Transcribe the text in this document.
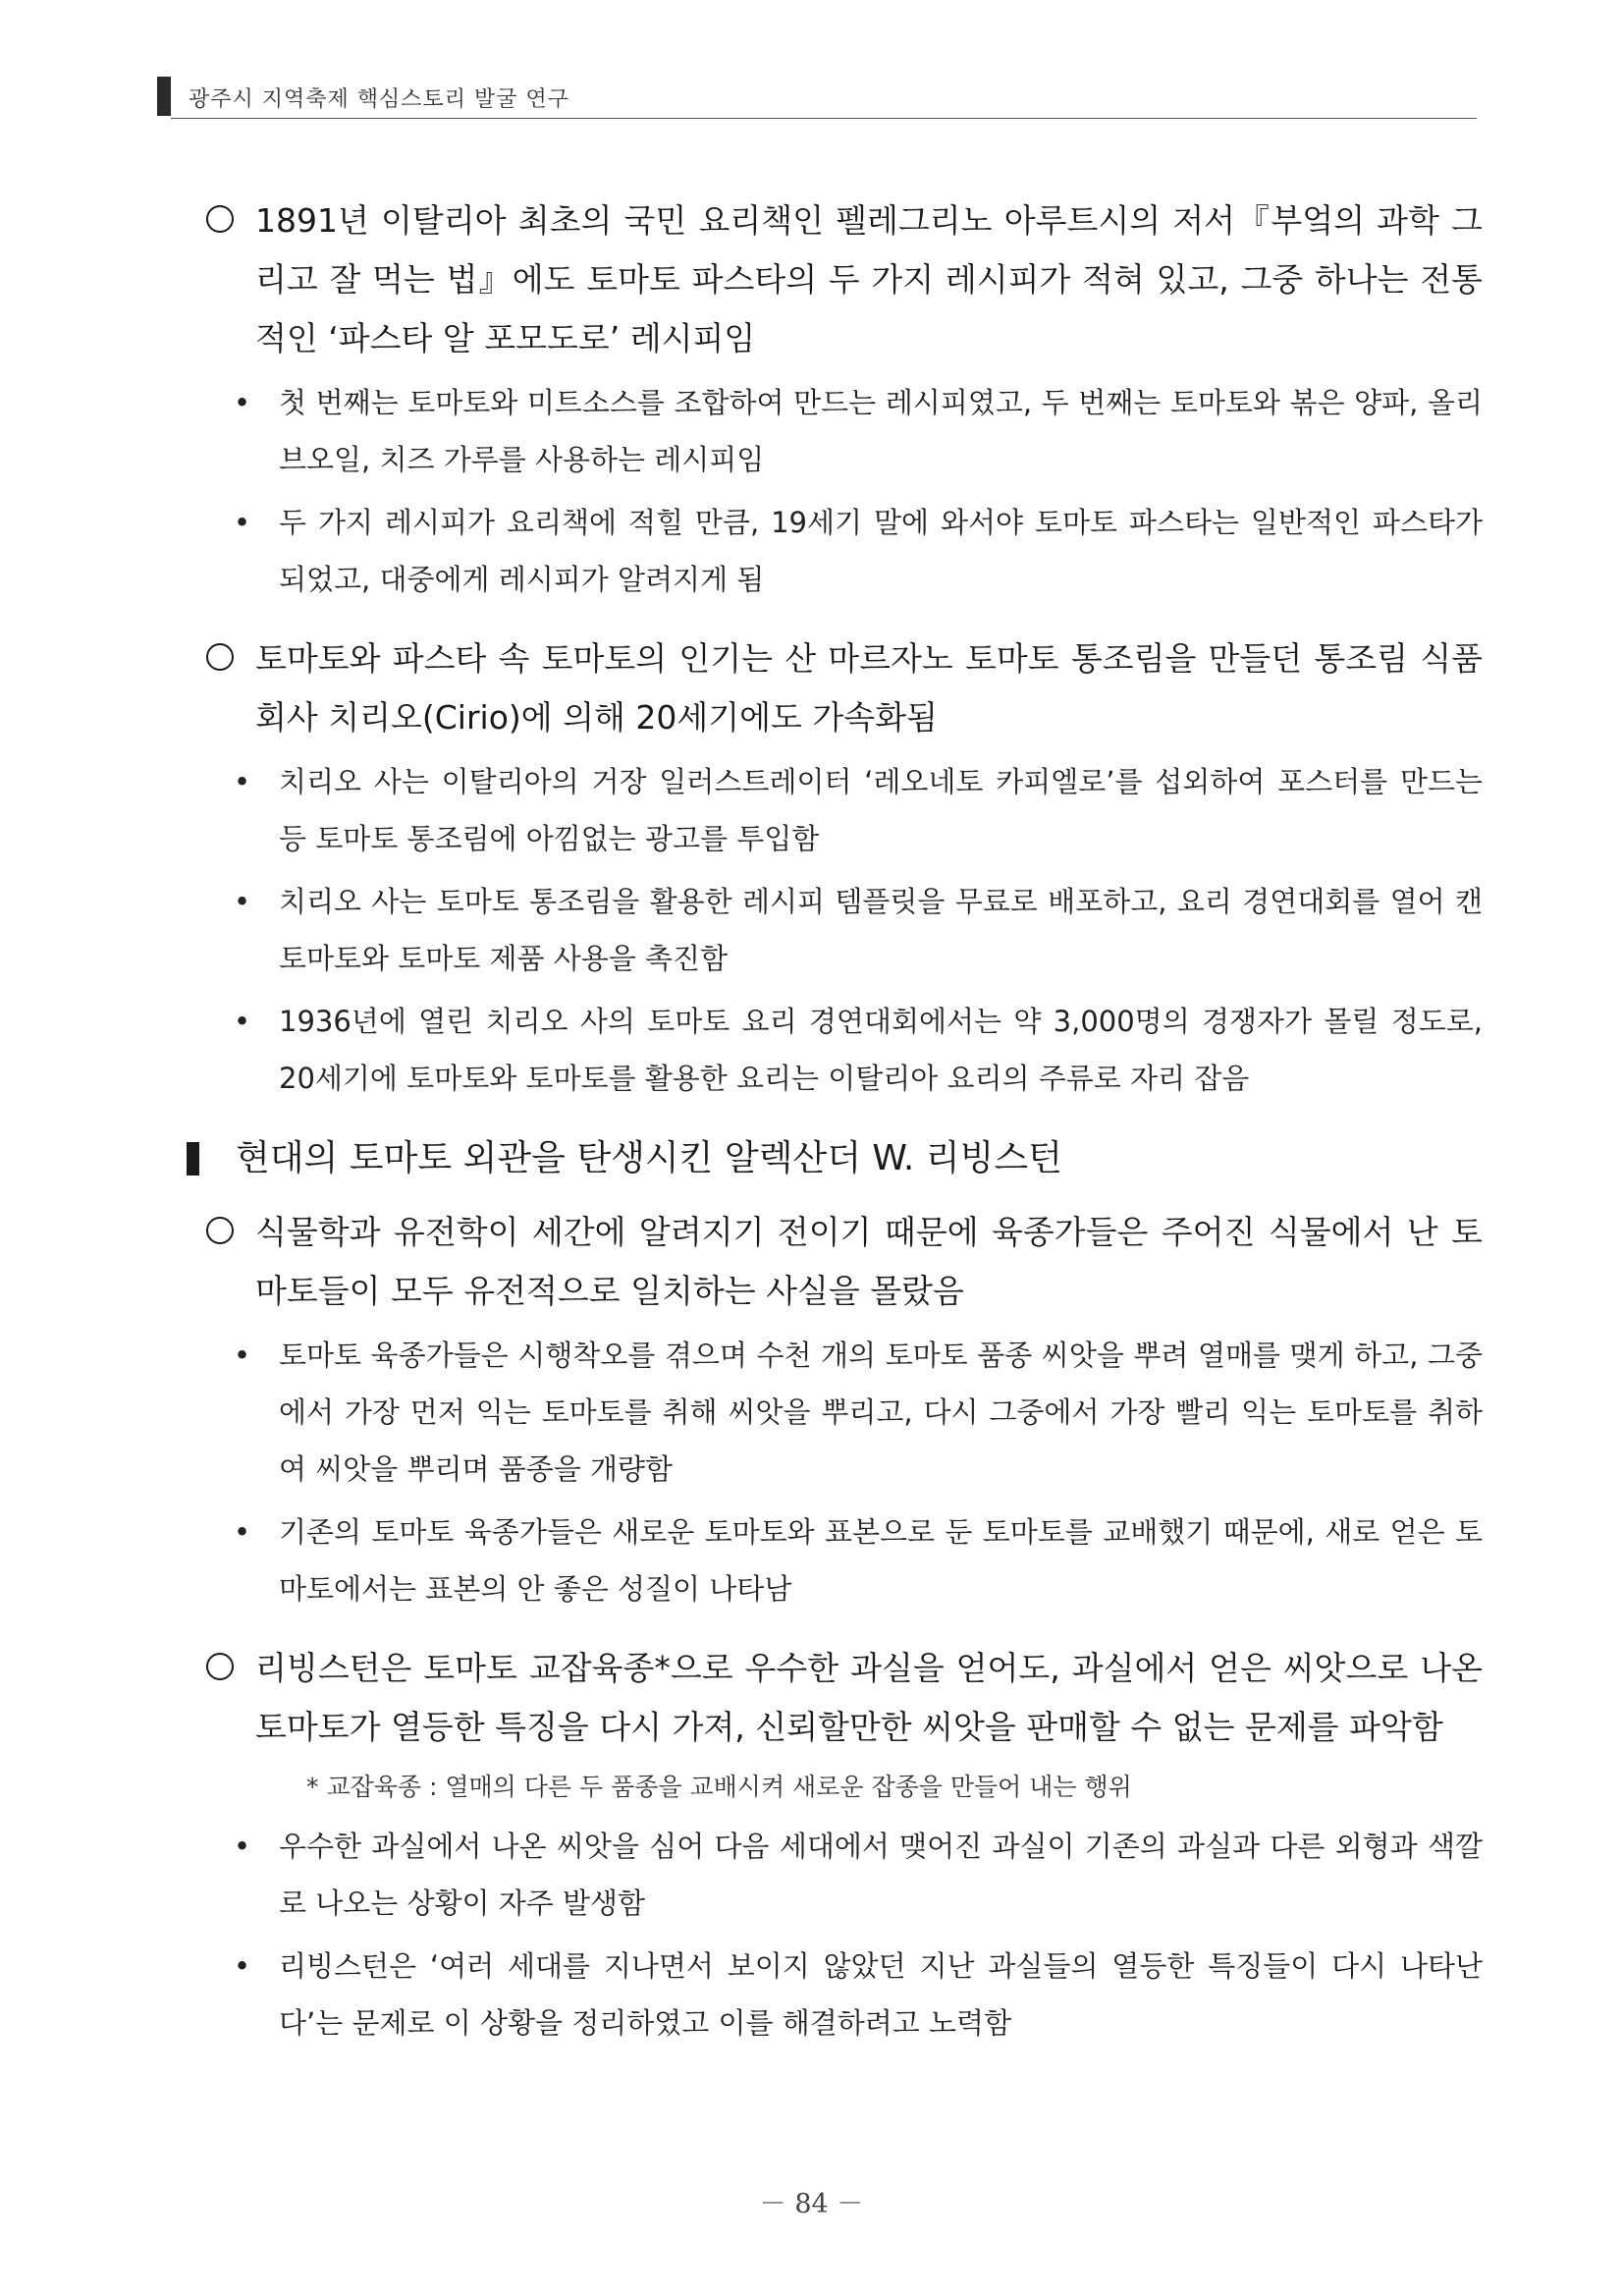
광주시 지역축제 핵심스토리 발굴 연구

1891년 이탈리아 최초의 국민 요리책인 펠레그리노 아루트시의 저서『부엌의 과학 그리고 잘 먹는 법』에도 토마토 파스타의 두 가지 레시피가 적혀 있고, 그중 하나는 전통적인 ‘파스타 알 포모도로’ 레시피임

• 첫 번째는 토마토와 미트소스를 조합하여 만드는 레시피였고, 두 번째는 토마토와 볶은 양파, 올리브오일, 치즈 가루를 사용하는 레시피임

• 두 가지 레시피가 요리책에 적힐 만큼, 19세기 말에 와서야 토마토 파스타는 일반적인 파스타가 되었고, 대중에게 레시피가 알려지게 됨

토마토와 파스타 속 토마토의 인기는 산 마르자노 토마토 통조림을 만들던 통조림 식품회사 치리오(Cirio)에 의해 20세기에도 가속화됨

• 치리오 사는 이탈리아의 거장 일러스트레이터 ‘레오네토 카피엘로’를 섭외하여 포스터를 만드는 등 토마토 통조림에 아낌없는 광고를 투입함

• 치리오 사는 토마토 통조림을 활용한 레시피 템플릿을 무료로 배포하고, 요리 경연대회를 열어 캔 토마토와 토마토 제품 사용을 촉진함

• 1936년에 열린 치리오 사의 토마토 요리 경연대회에서는 약 3,000명의 경쟁자가 몰릴 정도로, 20세기에 토마토와 토마토를 활용한 요리는 이탈리아 요리의 주류로 자리 잡음

현대의 토마토 외관을 탄생시킨 알렉산더 W. 리빙스턴

식물학과 유전학이 세간에 알려지기 전이기 때문에 육종가들은 주어진 식물에서 난 토마토들이 모두 유전적으로 일치하는 사실을 몰랐음

• 토마토 육종가들은 시행착오를 겪으며 수천 개의 토마토 품종 씨앗을 뿌려 열매를 맺게 하고, 그중에서 가장 먼저 익는 토마토를 취해 씨앗을 뿌리고, 다시 그중에서 가장 빨리 익는 토마토를 취하여 씨앗을 뿌리며 품종을 개량함

• 기존의 토마토 육종가들은 새로운 토마토와 표본으로 둔 토마토를 교배했기 때문에, 새로 얻은 토마토에서는 표본의 안 좋은 성질이 나타남

리빙스턴은 토마토 교잡육종*으로 우수한 과실을 얻어도, 과실에서 얻은 씨앗으로 나온 토마토가 열등한 특징을 다시 가져, 신뢰할만한 씨앗을 판매할 수 없는 문제를 파악함

* 교잡육종 : 열매의 다른 두 품종을 교배시켜 새로운 잡종을 만들어 내는 행위

• 우수한 과실에서 나온 씨앗을 심어 다음 세대에서 맺어진 과실이 기존의 과실과 다른 외형과 색깔로 나오는 상황이 자주 발생함

• 리빙스턴은 ‘여러 세대를 지나면서 보이지 않았던 지난 과실들의 열등한 특징들이 다시 나타난다’는 문제로 이 상황을 정리하였고 이를 해결하려고 노력함

－ 84 －
